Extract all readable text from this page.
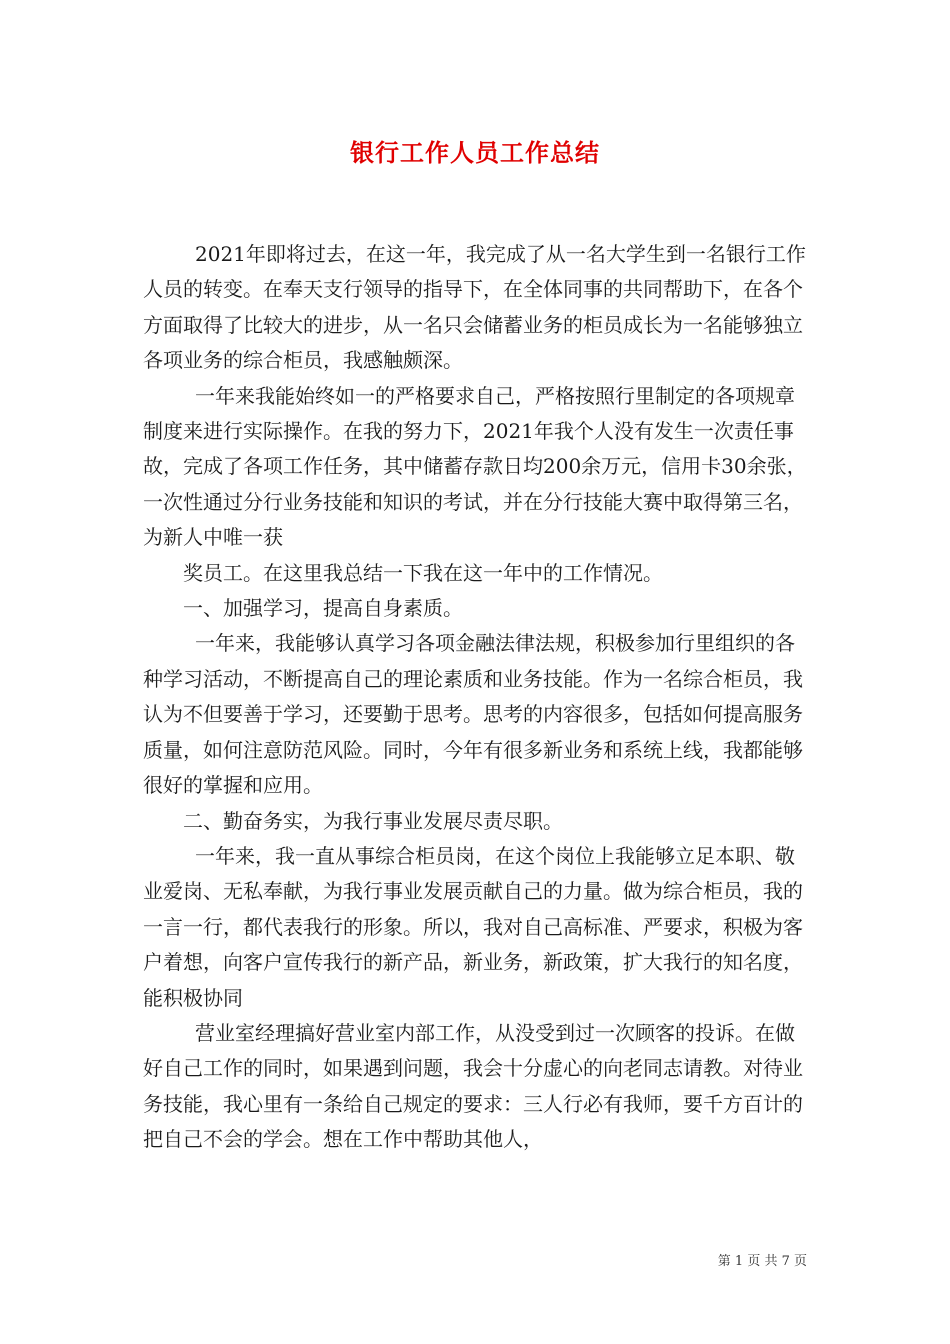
银行工作人员工作总结

2021年即将过去，在这一年，我完成了从一名大学生到一名银行工作人员的转变。在奉天支行领导的指导下，在全体同事的共同帮助下，在各个方面取得了比较大的进步，从一名只会储蓄业务的柜员成长为一名能够独立各项业务的综合柜员，我感触颇深。

一年来我能始终如一的严格要求自己，严格按照行里制定的各项规章制度来进行实际操作。在我的努力下，2021年我个人没有发生一次责任事故，完成了各项工作任务，其中储蓄存款日均200余万元，信用卡30余张，一次性通过分行业务技能和知识的考试，并在分行技能大赛中取得第三名，为新人中唯一获

奖员工。在这里我总结一下我在这一年中的工作情况。

一、加强学习，提高自身素质。

一年来，我能够认真学习各项金融法律法规，积极参加行里组织的各种学习活动，不断提高自己的理论素质和业务技能。作为一名综合柜员，我认为不但要善于学习，还要勤于思考。思考的内容很多，包括如何提高服务质量，如何注意防范风险。同时，今年有很多新业务和系统上线，我都能够很好的掌握和应用。

二、勤奋务实，为我行事业发展尽责尽职。

一年来，我一直从事综合柜员岗，在这个岗位上我能够立足本职、敬业爱岗、无私奉献，为我行事业发展贡献自己的力量。做为综合柜员，我的一言一行，都代表我行的形象。所以，我对自己高标准、严要求，积极为客户着想，向客户宣传我行的新产品，新业务，新政策，扩大我行的知名度，能积极协同

营业室经理搞好营业室内部工作，从没受到过一次顾客的投诉。在做好自己工作的同时，如果遇到问题，我会十分虚心的向老同志请教。对待业务技能，我心里有一条给自己规定的要求：三人行必有我师，要千方百计的把自己不会的学会。想在工作中帮助其他人，

第 1 页 共 7 页
